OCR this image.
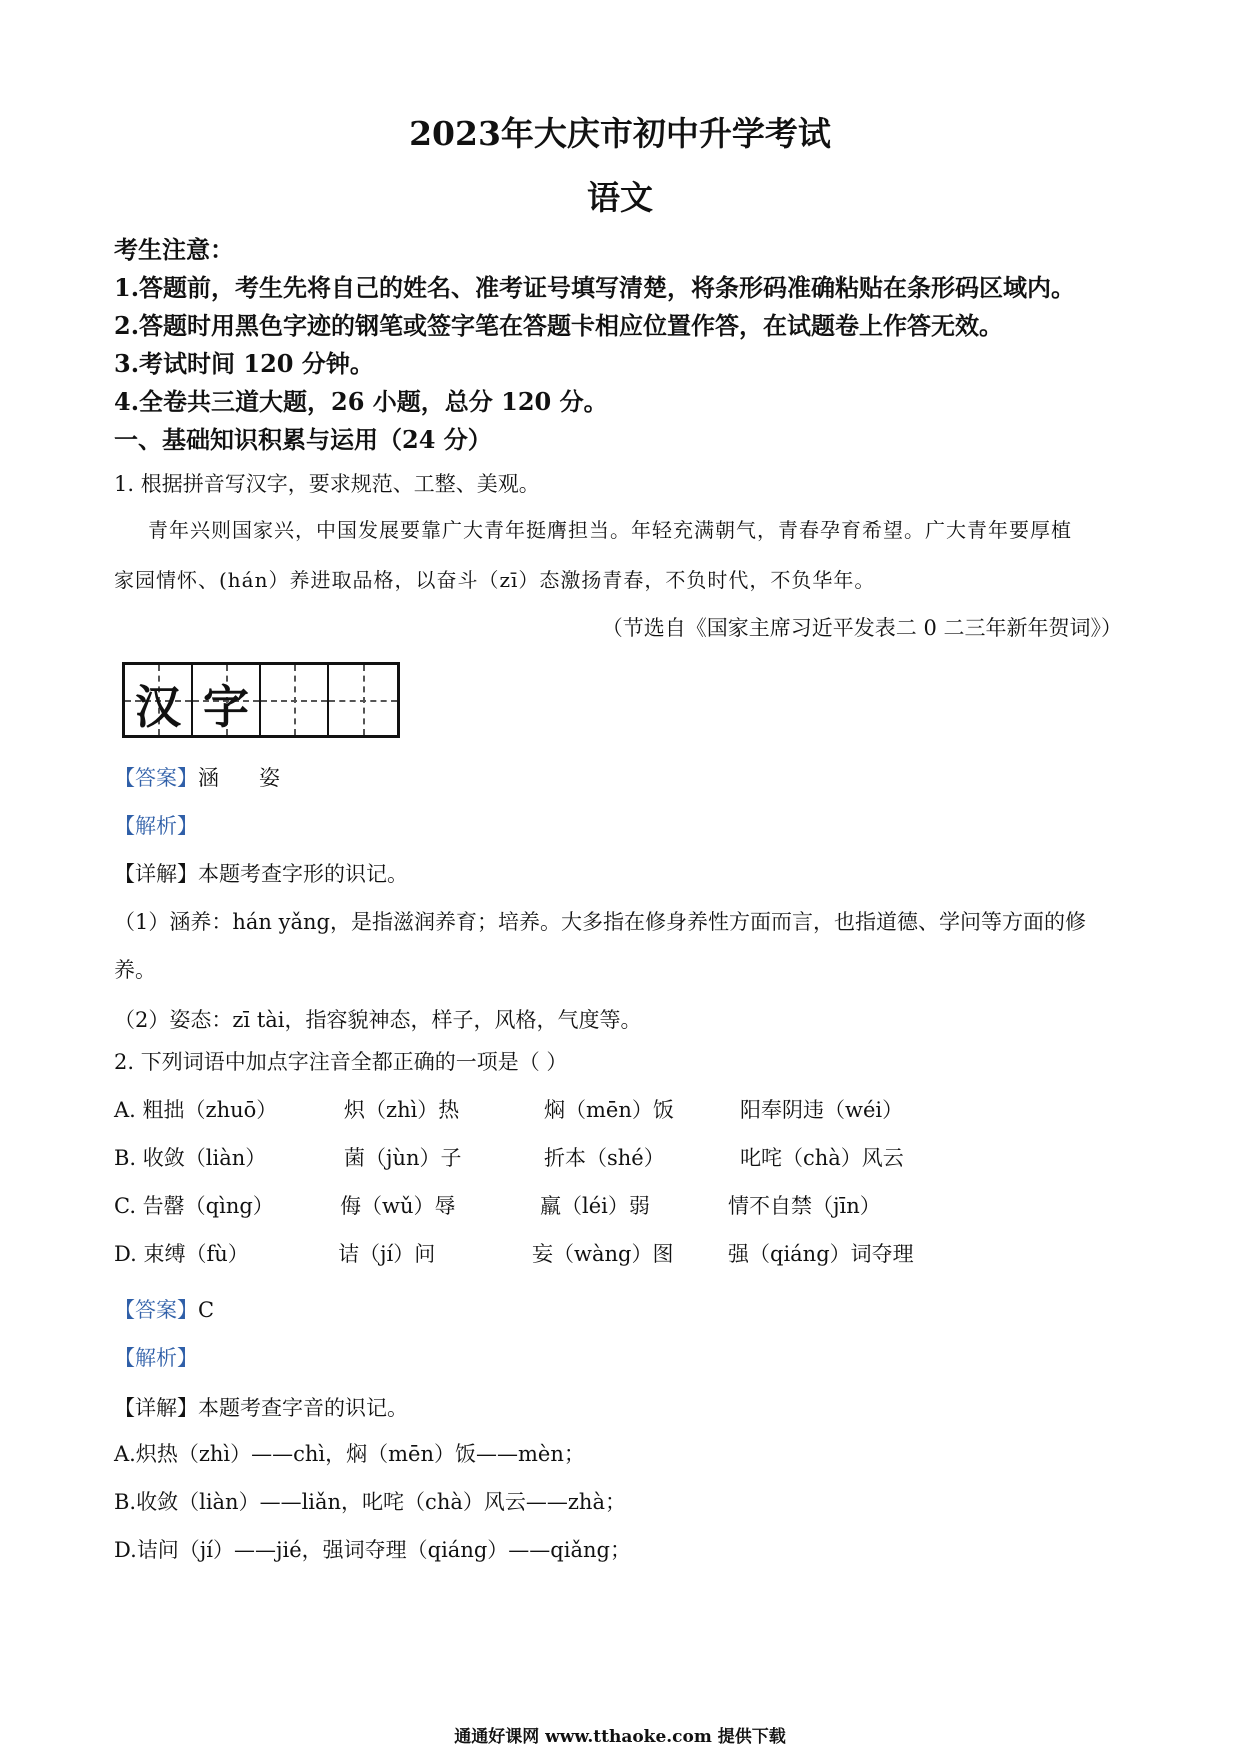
2023年大庆市初中升学考试
语文
考生注意：
1.答题前，考生先将自己的姓名、准考证号填写清楚，将条形码准确粘贴在条形码区域内。
2.答题时用黑色字迹的钢笔或签字笔在答题卡相应位置作答，在试题卷上作答无效。
3.考试时间 120 分钟。
4.全卷共三道大题，26 小题，总分 120 分。
一、基础知识积累与运用（24 分）
1. 根据拼音写汉字，要求规范、工整、美观。
青年兴则国家兴，中国发展要靠广大青年挺膺担当。年轻充满朝气，青春孕育希望。广大青年要厚植
家园情怀、(hán）养进取品格，以奋斗（zī）态激扬青春，不负时代，不负华年。
（节选自《国家主席习近平发表二 0 二三年新年贺词》）
汉 字
【答案】涵      姿
【解析】
【详解】本题考查字形的识记。
（1）涵养：hán yǎng，是指滋润养育；培养。大多指在修身养性方面而言，也指道德、学问等方面的修
养。
（2）姿态：zī tài，指容貌神态，样子，风格，气度等。
2. 下列词语中加点字注音全都正确的一项是（ ）
A. 粗拙（zhuō）	炽（zhì）热	焖（mēn）饭	阳奉阴违（wéi）
B. 收敛（liàn）	菌（jùn）子	折本（shé）	叱咤（chà）风云
C. 告罄（qìng）	侮（wǔ）辱	羸（léi）弱	情不自禁（jīn）
D. 束缚（fù）	诘（jí）问	妄（wàng）图	强（qiáng）词夺理
【答案】C
【解析】
【详解】本题考查字音的识记。
A.炽热（zhì）——chì，焖（mēn）饭——mèn；
B.收敛（liàn）——liǎn，叱咤（chà）风云——zhà；
D.诘问（jí）——jié，强词夺理（qiáng）——qiǎng；
通通好课网 www.tthaoke.com 提供下载
